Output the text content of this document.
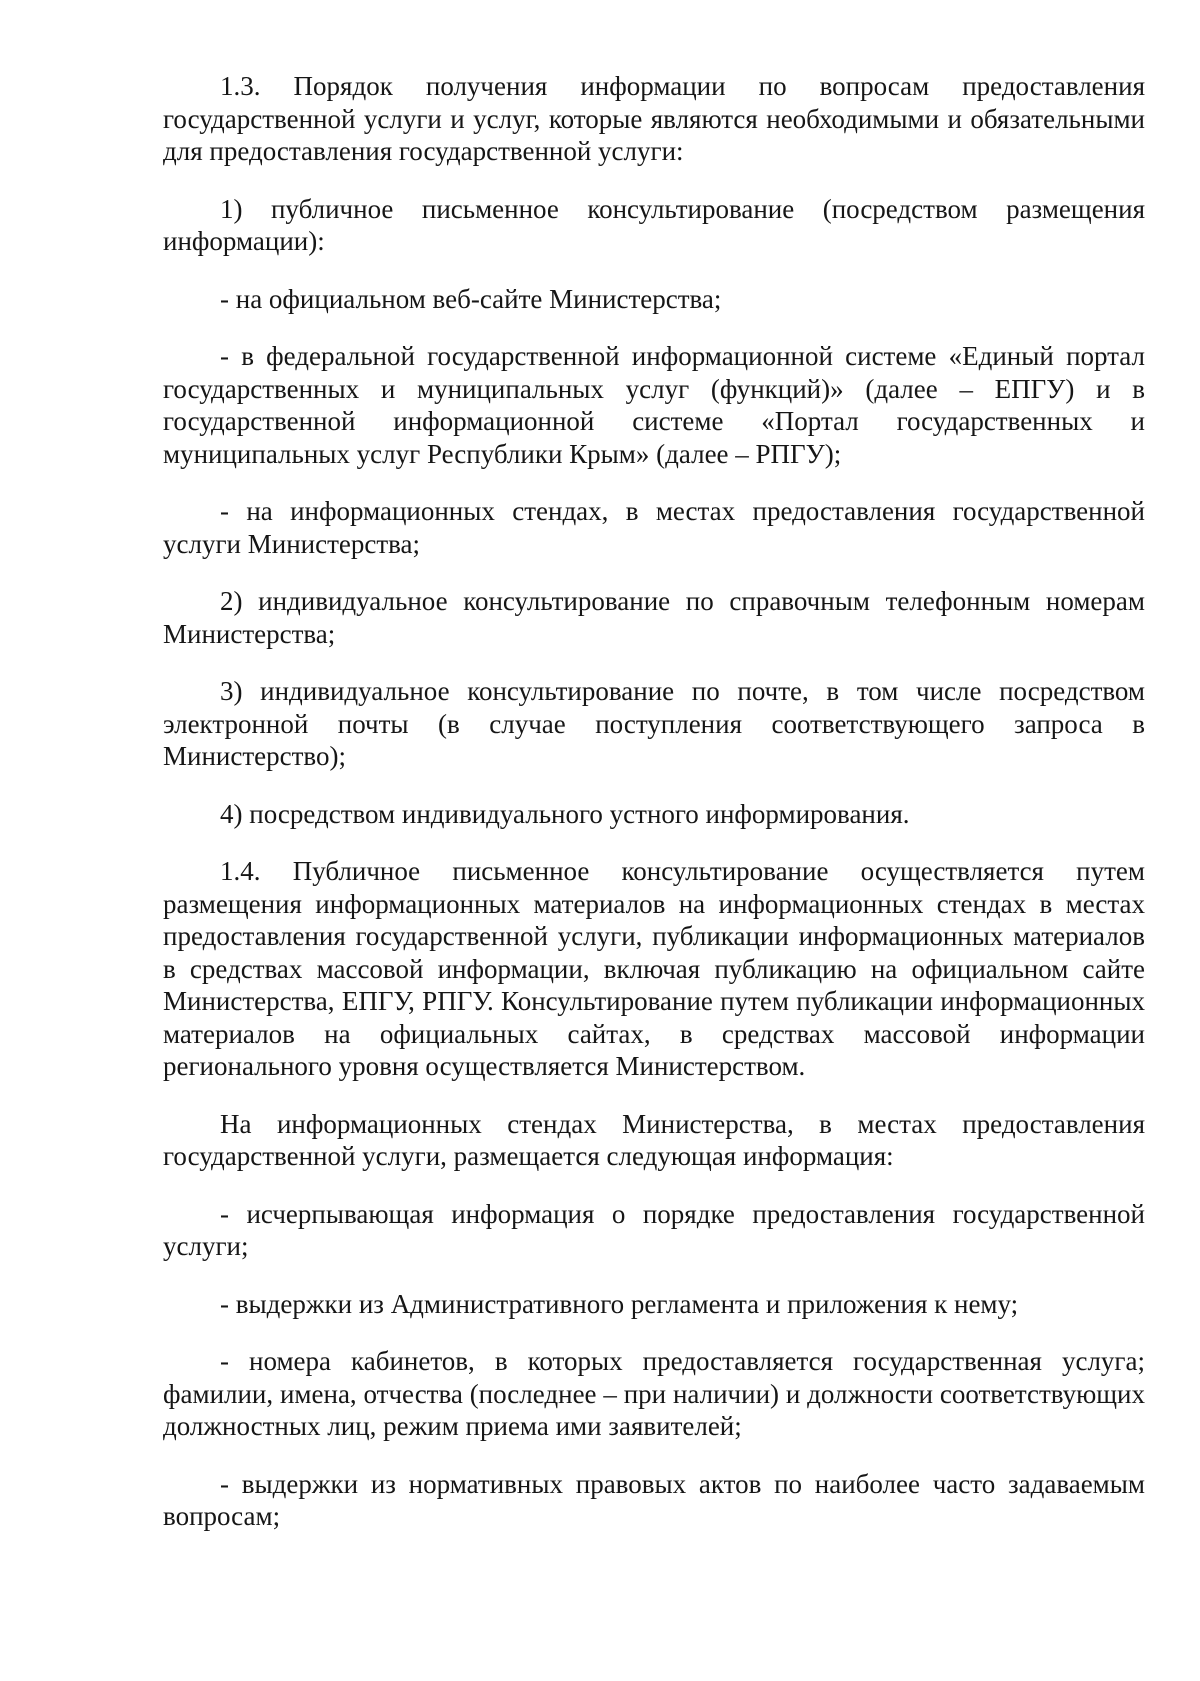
1.3. Порядок получения информации по вопросам предоставления государственной услуги и услуг, которые являются необходимыми и обязательными для предоставления государственной услуги:

1) публичное письменное консультирование (посредством размещения информации):

- на официальном веб-сайте Министерства;

- в федеральной государственной информационной системе «Единый портал государственных и муниципальных услуг (функций)» (далее – ЕПГУ) и в государственной информационной системе «Портал государственных и муниципальных услуг Республики Крым» (далее – РПГУ);

- на информационных стендах, в местах предоставления государственной услуги Министерства;

2) индивидуальное консультирование по справочным телефонным номерам Министерства;

3) индивидуальное консультирование по почте, в том числе посредством электронной почты (в случае поступления соответствующего запроса в Министерство);

4) посредством индивидуального устного информирования.

1.4. Публичное письменное консультирование осуществляется путем размещения информационных материалов на информационных стендах в местах предоставления государственной услуги, публикации информационных материалов в средствах массовой информации, включая публикацию на официальном сайте Министерства, ЕПГУ, РПГУ. Консультирование путем публикации информационных материалов на официальных сайтах, в средствах массовой информации регионального уровня осуществляется Министерством.

На информационных стендах Министерства, в местах предоставления государственной услуги, размещается следующая информация:

- исчерпывающая информация о порядке предоставления государственной услуги;

- выдержки из Административного регламента и приложения к нему;

- номера кабинетов, в которых предоставляется государственная услуга; фамилии, имена, отчества (последнее – при наличии) и должности соответствующих должностных лиц, режим приема ими заявителей;

- выдержки из нормативных правовых актов по наиболее часто задаваемым вопросам;
